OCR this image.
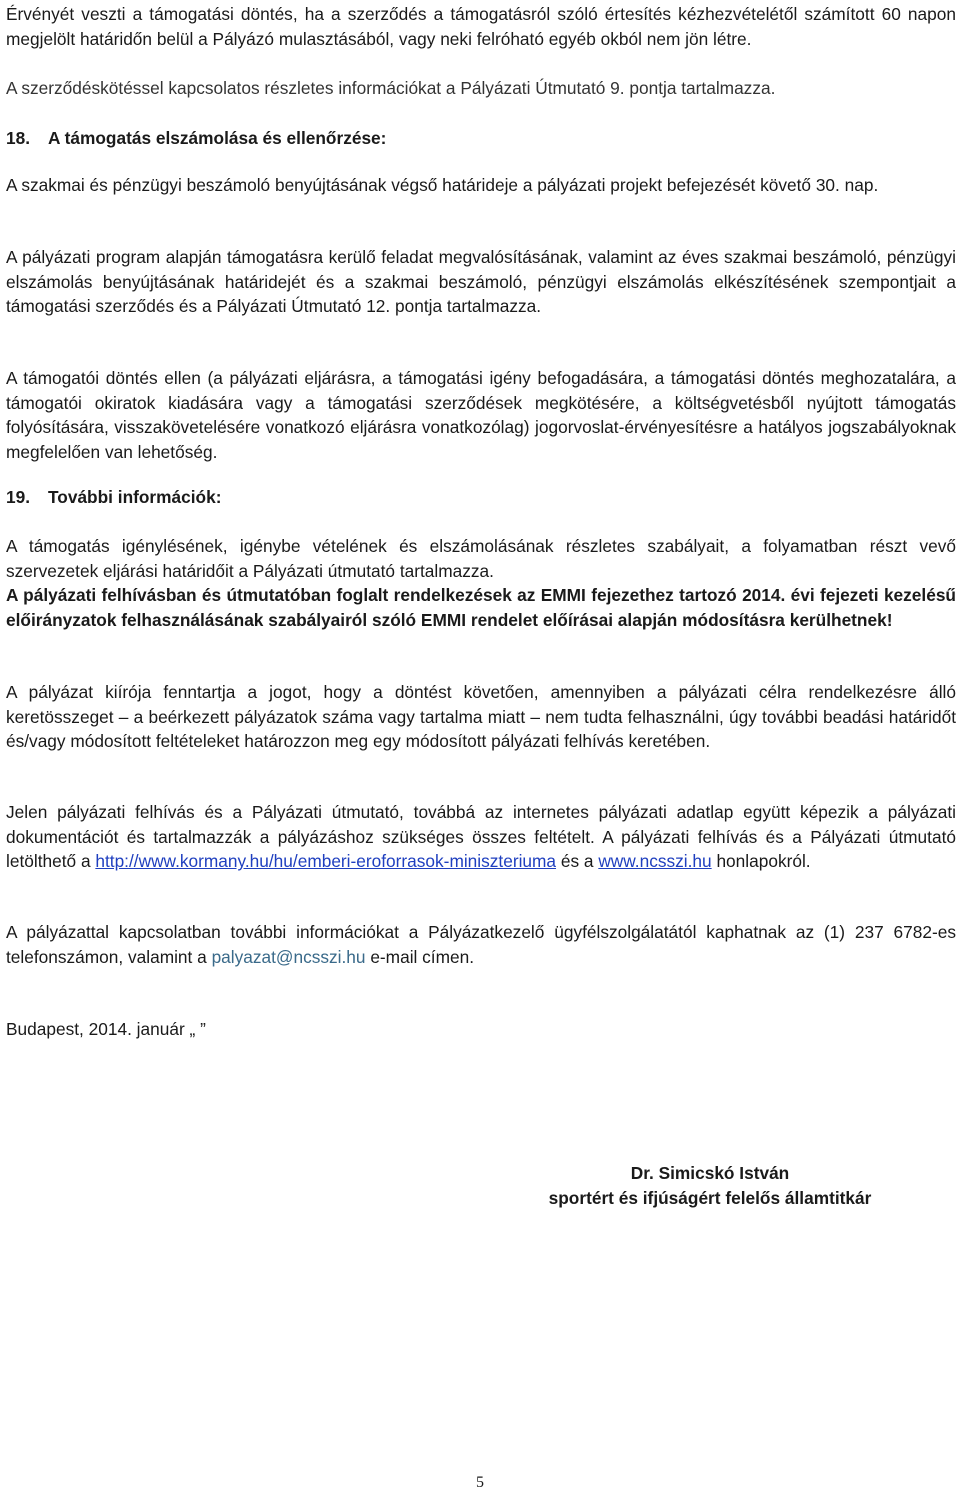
Érvényét veszti a támogatási döntés, ha a szerződés a támogatásról szóló értesítés kézhezvételétől számított 60 napon megjelölt határidőn belül a Pályázó mulasztásából, vagy neki felróható egyéb okból nem jön létre.

A szerződéskötéssel kapcsolatos részletes információkat a Pályázati Útmutató 9. pontja tartalmazza.

18. A támogatás elszámolása és ellenőrzése:

A szakmai és pénzügyi beszámoló benyújtásának végső határideje a pályázati projekt befejezését követő 30. nap.

A pályázati program alapján támogatásra kerülő feladat megvalósításának, valamint az éves szakmai beszámoló, pénzügyi elszámolás benyújtásának határidejét és a szakmai beszámoló, pénzügyi elszámolás elkészítésének szempontjait a támogatási szerződés és a Pályázati Útmutató 12. pontja tartalmazza.

A támogatói döntés ellen (a pályázati eljárásra, a támogatási igény befogadására, a támogatási döntés meghozatalára, a támogatói okiratok kiadására vagy a támogatási szerződések megkötésére, a költségvetésből nyújtott támogatás folyósítására, visszakövetelésére vonatkozó eljárásra vonatkozólag) jogorvoslat-érvényesítésre a hatályos jogszabályoknak megfelelően van lehetőség.

19. További információk:

A támogatás igénylésének, igénybe vételének és elszámolásának részletes szabályait, a folyamatban részt vevő szervezetek eljárási határidőit a Pályázati útmutató tartalmazza.

A pályázati felhívásban és útmutatóban foglalt rendelkezések az EMMI fejezethez tartozó 2014. évi fejezeti kezelésű előirányzatok felhasználásának szabályairól szóló EMMI rendelet előírásai alapján módosításra kerülhetnek!

A pályázat kiírója fenntartja a jogot, hogy a döntést követően, amennyiben a pályázati célra rendelkezésre álló keretösszeget – a beérkezett pályázatok száma vagy tartalma miatt – nem tudta felhasználni, úgy további beadási határidőt és/vagy módosított feltételeket határozzon meg egy módosított pályázati felhívás keretében.

Jelen pályázati felhívás és a Pályázati útmutató, továbbá az internetes pályázati adatlap együtt képezik a pályázati dokumentációt és tartalmazzák a pályázáshoz szükséges összes feltételt. A pályázati felhívás és a Pályázati útmutató letölthető a http://www.kormany.hu/hu/emberi-eroforrasok-miniszteriuma és a www.ncsszi.hu honlapokról.

A pályázattal kapcsolatban további információkat a Pályázatkezelő ügyfélszolgálatától kaphatnak az (1) 237 6782-es telefonszámon, valamint a palyazat@ncsszi.hu e-mail címen.

Budapest, 2014. január „ ”

Dr. Simicskó István
sportért és ifjúságért felelős államtitkár
5
